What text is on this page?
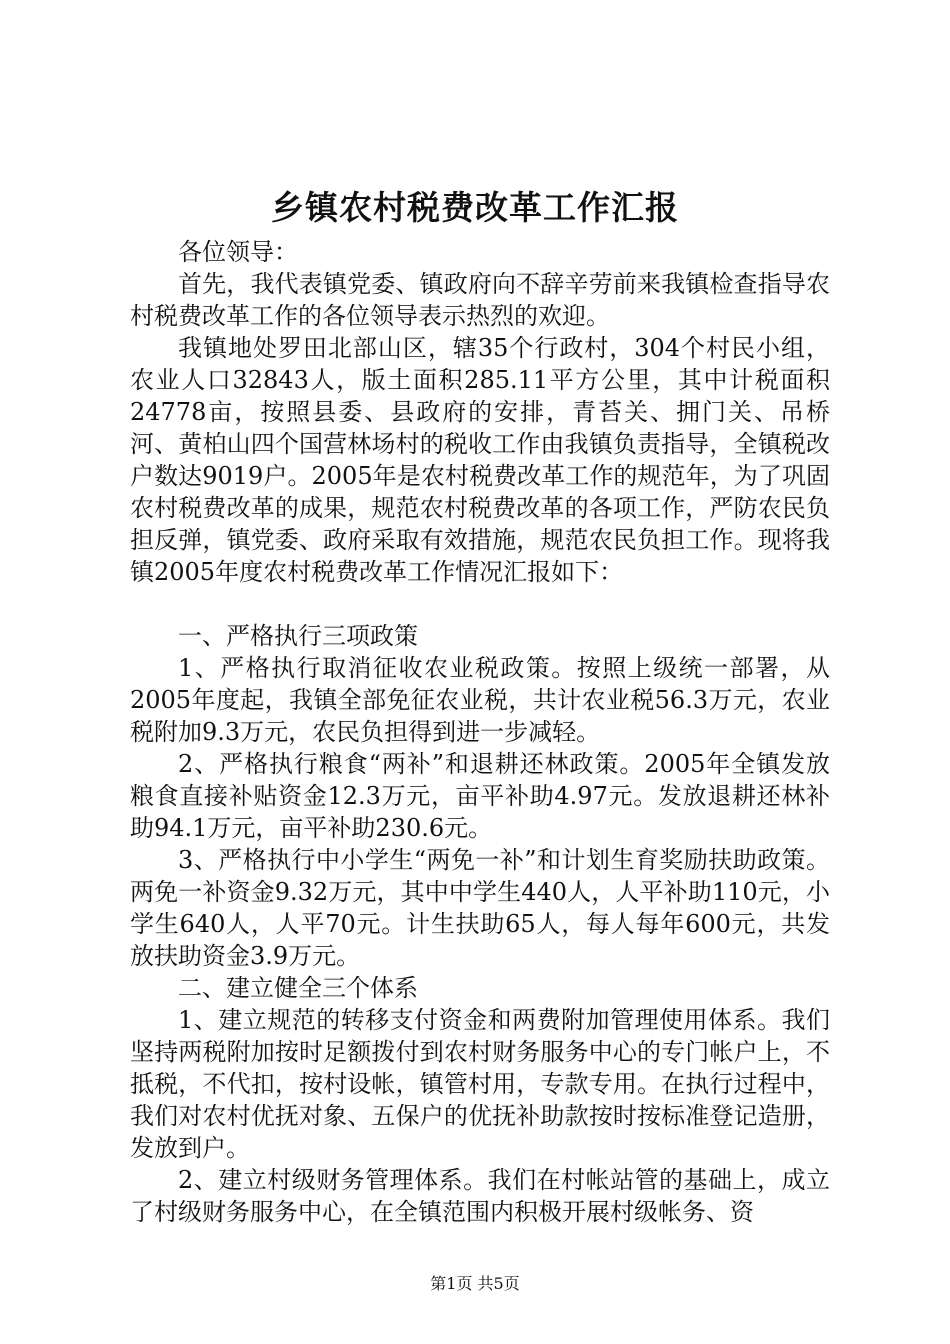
乡镇农村税费改革工作汇报

各位领导：

首先，我代表镇党委、镇政府向不辞辛劳前来我镇检查指导农村税费改革工作的各位领导表示热烈的欢迎。

我镇地处罗田北部山区，辖35个行政村，304个村民小组，农业人口32843人，版土面积285.11平方公里，其中计税面积24778亩，按照县委、县政府的安排，青苔关、拥门关、吊桥河、黄柏山四个国营林场村的税收工作由我镇负责指导，全镇税改户数达9019户。2005年是农村税费改革工作的规范年，为了巩固农村税费改革的成果，规范农村税费改革的各项工作，严防农民负担反弹，镇党委、政府采取有效措施，规范农民负担工作。现将我镇2005年度农村税费改革工作情况汇报如下：

一、严格执行三项政策

1、严格执行取消征收农业税政策。按照上级统一部署，从2005年度起，我镇全部免征农业税，共计农业税56.3万元，农业税附加9.3万元，农民负担得到进一步减轻。

2、严格执行粮食“两补”和退耕还林政策。2005年全镇发放粮食直接补贴资金12.3万元，亩平补助4.97元。发放退耕还林补助94.1万元，亩平补助230.6元。

3、严格执行中小学生“两免一补”和计划生育奖励扶助政策。两免一补资金9.32万元，其中中学生440人，人平补助110元，小学生640人，人平70元。计生扶助65人，每人每年600元，共发放扶助资金3.9万元。

二、建立健全三个体系

1、建立规范的转移支付资金和两费附加管理使用体系。我们坚持两税附加按时足额拨付到农村财务服务中心的专门帐户上，不抵税，不代扣，按村设帐，镇管村用，专款专用。在执行过程中，我们对农村优抚对象、五保户的优抚补助款按时按标准登记造册，发放到户。

2、建立村级财务管理体系。我们在村帐站管的基础上，成立了村级财务服务中心，在全镇范围内积极开展村级帐务、资

第1页 共5页
